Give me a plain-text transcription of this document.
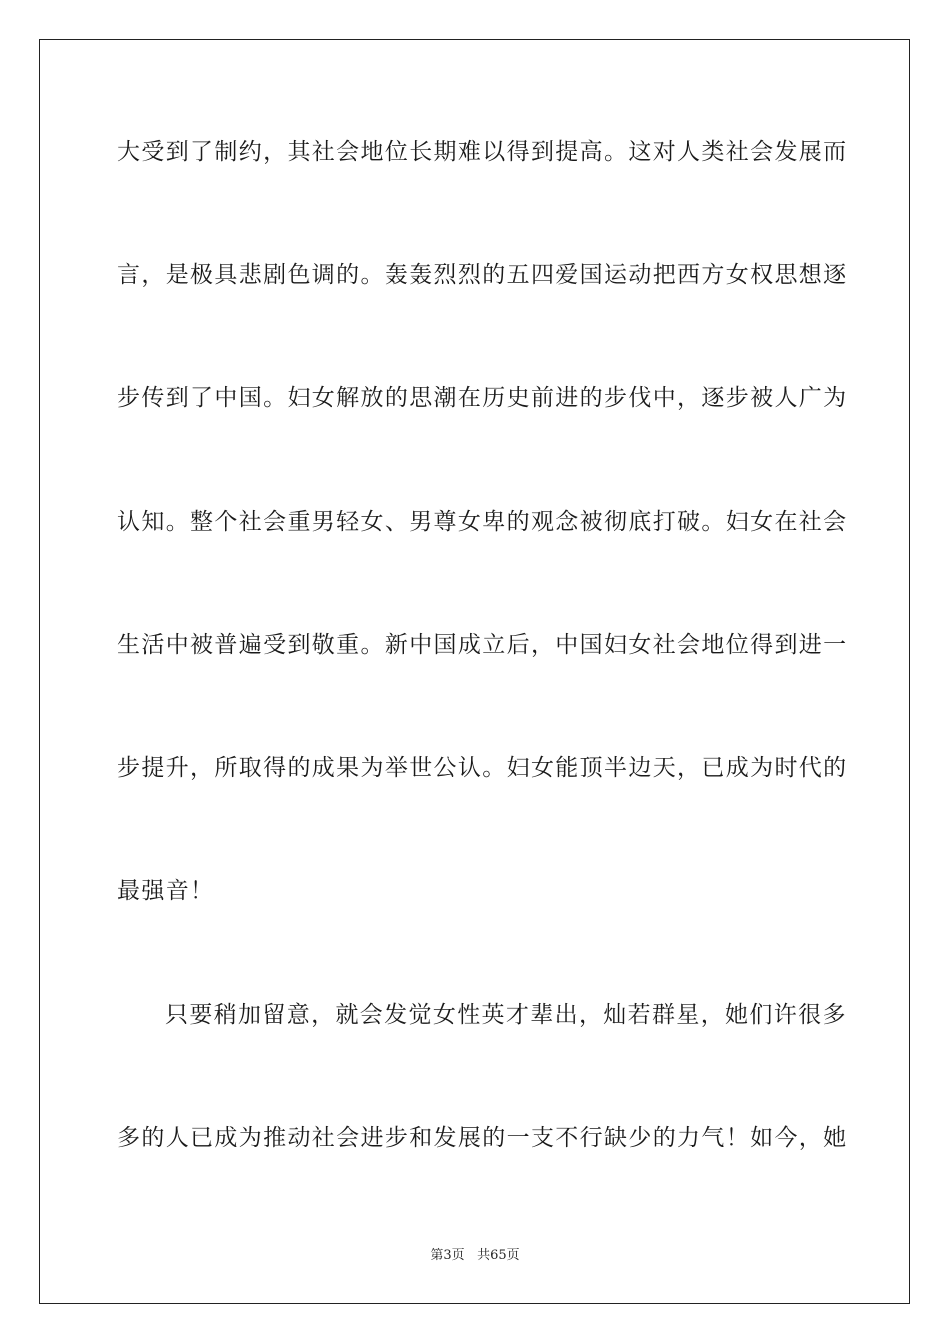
大受到了制约，其社会地位长期难以得到提高。这对人类社会发展而
言，是极具悲剧色调的。轰轰烈烈的五四爱国运动把西方女权思想逐
步传到了中国。妇女解放的思潮在历史前进的步伐中，逐步被人广为
认知。整个社会重男轻女、男尊女卑的观念被彻底打破。妇女在社会
生活中被普遍受到敬重。新中国成立后，中国妇女社会地位得到进一
步提升，所取得的成果为举世公认。妇女能顶半边天，已成为时代的
最强音！
只要稍加留意，就会发觉女性英才辈出，灿若群星，她们许很多
多的人已成为推动社会进步和发展的一支不行缺少的力气！如今，她
第3页 共65页
